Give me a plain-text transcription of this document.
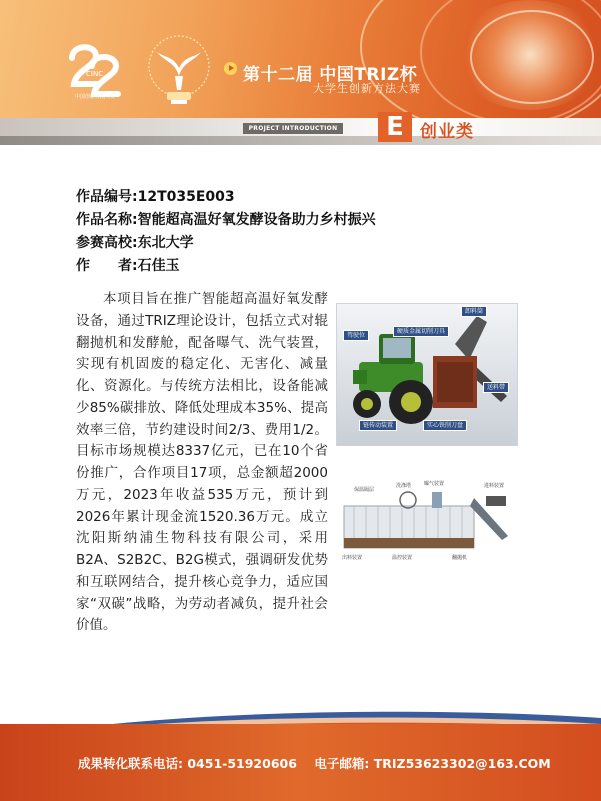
CINC
中国创新方法大赛
第十二届 中国TRIZ杯
大学生创新方法大赛
PROJECT INTRODUCTION	E 创业类
作品编号:12T035E003
作品名称:智能超高温好氧发酵设备助力乡村振兴
参赛高校:东北大学
作　　者:石佳玉

本项目旨在推广智能超高温好氧发酵设备，通过TRIZ理论设计，包括立式对辊翻抛机和发酵舱，配备曝气、洗气装置，实现有机固废的稳定化、无害化、减量化、资源化。与传统方法相比，设备能减少85%碳排放、降低处理成本35%、提高效率三倍，节约建设时间2/3、费用1/2。目标市场规模达8337亿元，已在10个省份推广，合作项目17项，总金额超2000万元，2023年收益535万元，预计到2026年累计现金流1520.36万元。成立沈阳斯纳浦生物科技有限公司，采用B2A、S2B2C、B2G模式，强调研发优势和互联网结合，提升核心竞争力，适应国家“双碳”战略，为劳动者减负，提升社会价值。

卸料筒
驾驶位
硬质金属切削刀具
送料带
链传动装置	实心铁削刀盘
保温隔层
洗涤塔	曝气装置	进料装置
出料装置	温控装置	翻抛机
成果转化联系电话: 0451-51920606 电子邮箱: TRIZ53623302@163.COM
